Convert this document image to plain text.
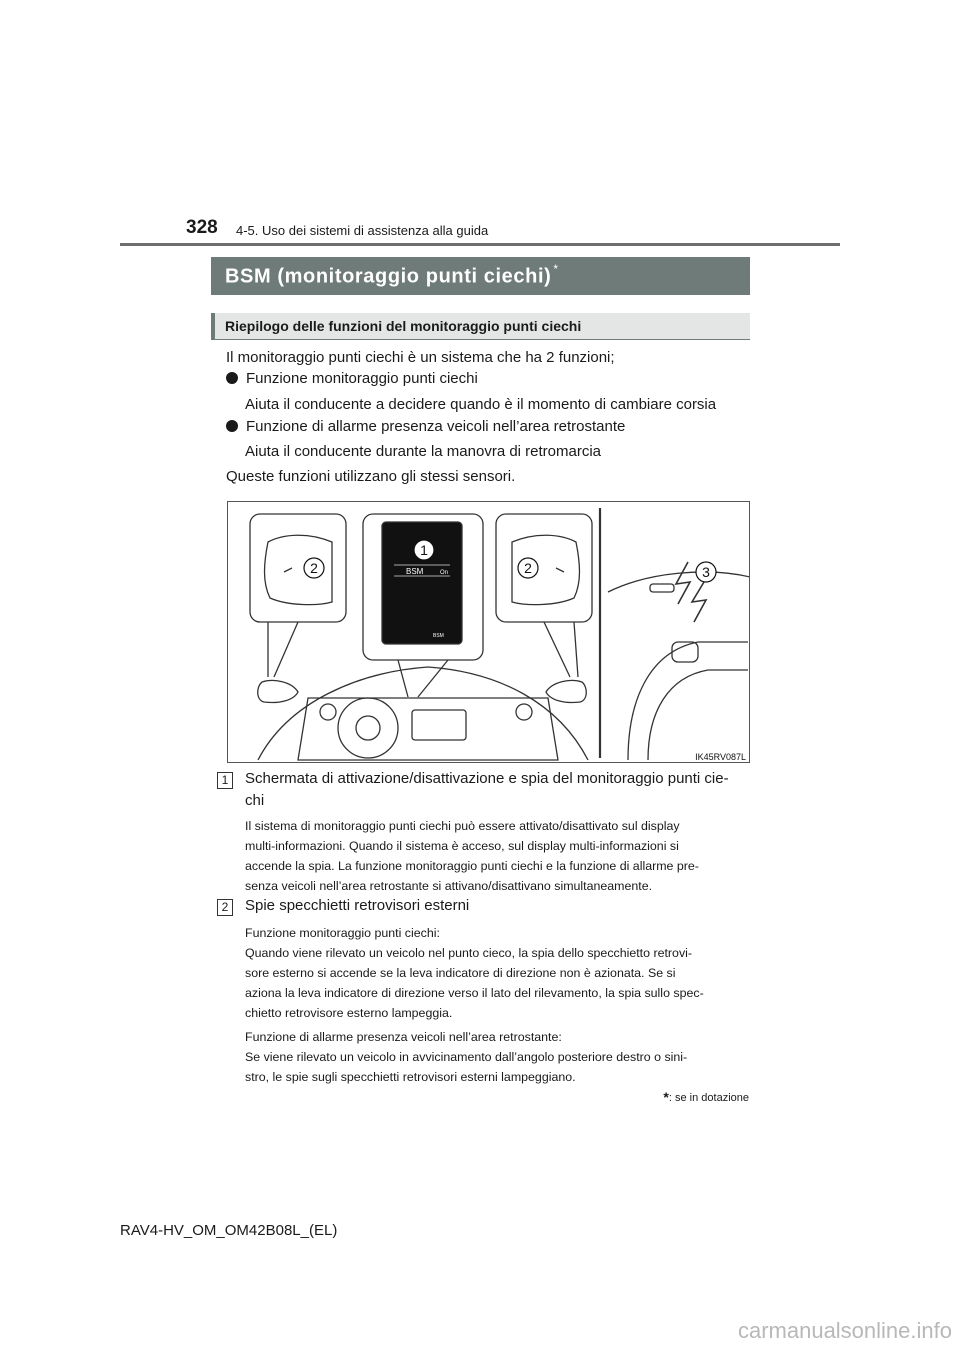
328 4-5. Uso dei sistemi di assistenza alla guida
BSM (monitoraggio punti ciechi) *
Riepilogo delle funzioni del monitoraggio punti ciechi
Il monitoraggio punti ciechi è un sistema che ha 2 funzioni;
Funzione monitoraggio punti ciechi
Aiuta il conducente a decidere quando è il momento di cambiare corsia
Funzione di allarme presenza veicoli nell’area retrostante
Aiuta il conducente durante la manovra di retromarcia
Queste funzioni utilizzano gli stessi sensori.
2
1
2	3
BSM	On
BSM
IK45RV087L
1	Schermata di attivazione/disattivazione e spia del monitoraggio punti cie-
chi
Il sistema di monitoraggio punti ciechi può essere attivato/disattivato sul display
multi-informazioni. Quando il sistema è acceso, sul display multi-informazioni si
accende la spia. La funzione monitoraggio punti ciechi e la funzione di allarme pre-
senza veicoli nell’area retrostante si attivano/disattivano simultaneamente.
2	Spie specchietti retrovisori esterni
Funzione monitoraggio punti ciechi:
Quando viene rilevato un veicolo nel punto cieco, la spia dello specchietto retrovi-
sore esterno si accende se la leva indicatore di direzione non è azionata. Se si
aziona la leva indicatore di direzione verso il lato del rilevamento, la spia sullo spec-
chietto retrovisore esterno lampeggia.
Funzione di allarme presenza veicoli nell’area retrostante:
Se viene rilevato un veicolo in avvicinamento dall’angolo posteriore destro o sini-
stro, le spie sugli specchietti retrovisori esterni lampeggiano.
*: se in dotazione
RAV4-HV_OM_OM42B08L_(EL)
carmanualsonline.info
